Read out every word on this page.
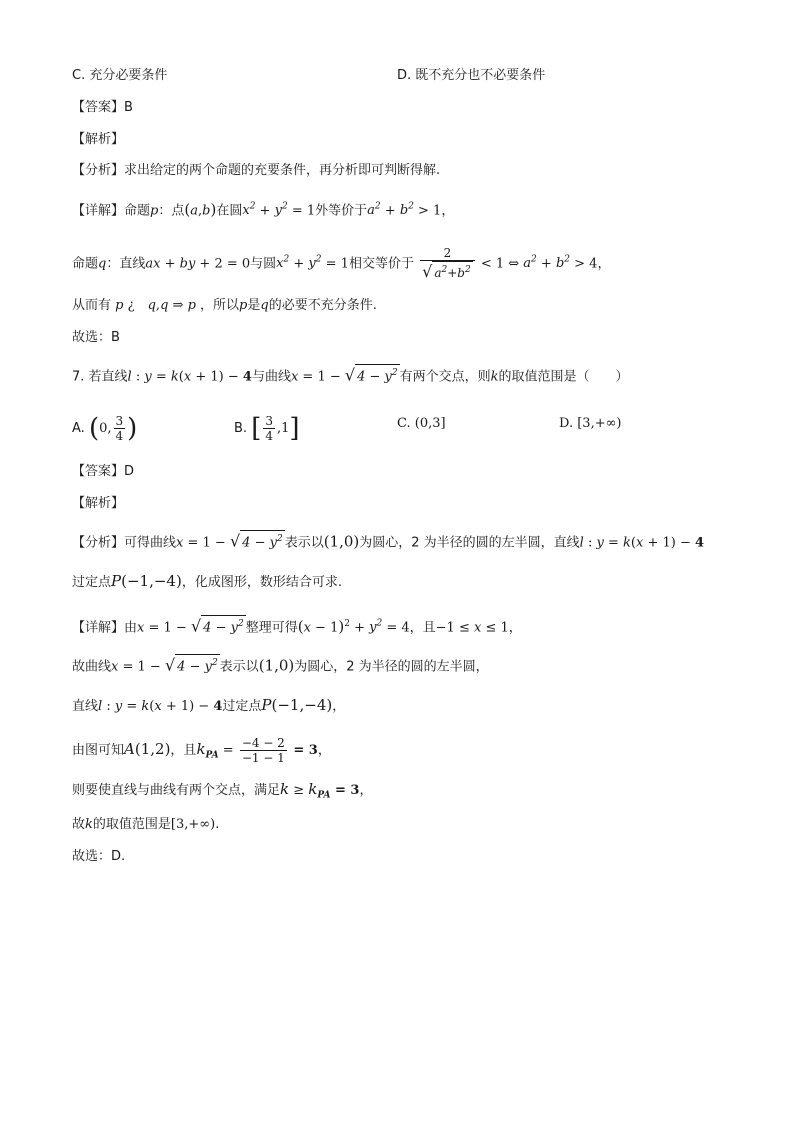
C. 充分必要条件	D. 既不充分也不必要条件
【答案】B
【解析】
【分析】求出给定的两个命题的充要条件，再分析即可判断得解.
【详解】命题p：点(a,b)在圆$x^2 + y^2 = 1$外等价于$a^2 + b^2 > 1$，
命题q：直线ax + by + 2 = 0与圆$x^2 + y^2 = 1$相交等价于 $\frac{2}{√ a^2+b^2} < 1$ ⇔ $a^2 + b^2 > 4$，
从而有 p ¿　q,q ⇒ p ，所以p是q的必要不充分条件.
故选：B
7. 若直线l : y = k(x + 1) − 4与曲线x = 1 − √ $4 - y^2$ 有两个交点，则k的取值范围是（　　）
A. (0, $\frac{3}{4}$ )	B. [ $\frac{3}{4} ,1$]	C. (0,3]	D. [3,+∞)
【答案】D
【解析】
【分析】可得曲线x = 1 − √ $4 - y^2$ 表示以(1,0)为圆心，2 为半径的圆的左半圆，直线l : y = k(x + 1) − 4
过定点P(−1,−4)，化成图形，数形结合可求.
【详解】由x = 1 − √ $4 - y^2$ 整理可得$(x - 1)^2 + y^2 = 4$，且−1 ≤ x ≤ 1，
故曲线x = 1 − √ $4 - y^2$ 表示以(1,0)为圆心，2 为半径的圆的左半圆，
直线l : y = k(x + 1) − 4过定点P(−1,−4)，
由图可知A(1,2)，且$k_{PA} = \frac{-4 - 2}{-1 - 1} = 3$，
则要使直线与曲线有两个交点，满足$k \ge k_{PA} = 3$，
故k的取值范围是[3,+∞).
故选：D.
